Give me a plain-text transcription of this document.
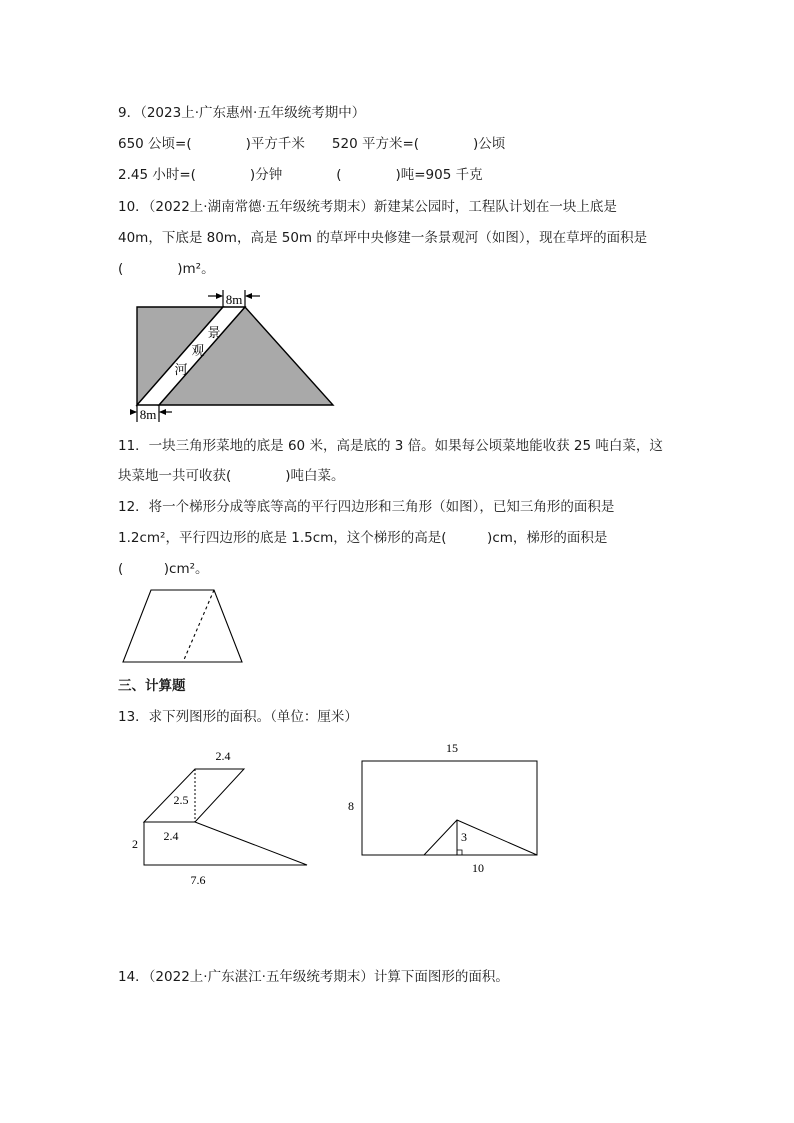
9．（2023上·广东惠州·五年级统考期中）
650 公顷=(　　　　)平方千米　　520 平方米=(　　　　)公顷
2.45 小时=(　　　　)分钟　　　　(　　　　)吨=905 千克
10．（2022上·湖南常德·五年级统考期末）新建某公园时，工程队计划在一块上底是
40m，下底是 80m，高是 50m 的草坪中央修建一条景观河（如图），现在草坪的面积是
(　　　　)m²。
8m
8m
景
观
河
11．一块三角形菜地的底是 60 米，高是底的 3 倍。如果每公顷菜地能收获 25 吨白菜，这
块菜地一共可收获(　　　　)吨白菜。
12．将一个梯形分成等底等高的平行四边形和三角形（如图），已知三角形的面积是
1.2cm²，平行四边形的底是 1.5cm，这个梯形的高是(　　　)cm，梯形的面积是
(　　　)cm²。
三、计算题
13．求下列图形的面积。（单位：厘米）
2.4
2.5
2.4
2
7.6
15
8
3
10
14．（2022上·广东湛江·五年级统考期末）计算下面图形的面积。
